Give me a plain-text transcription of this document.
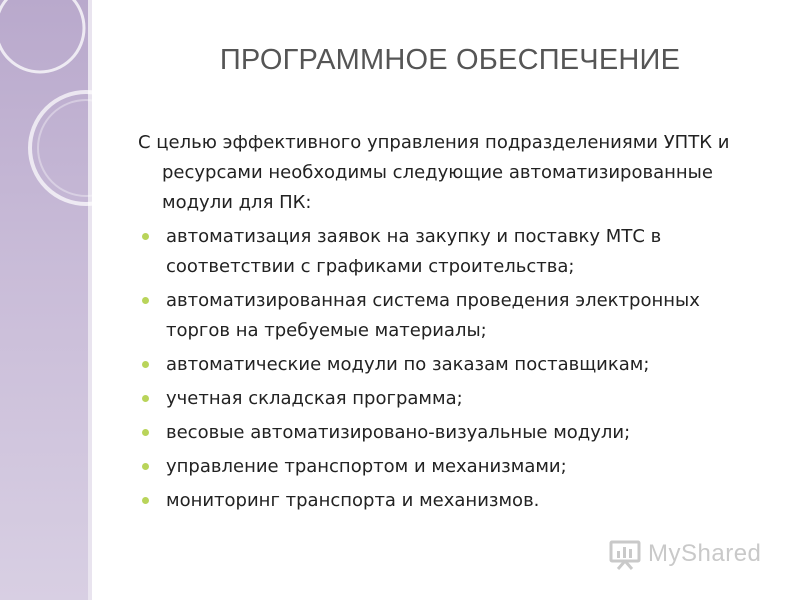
ПРОГРАММНОЕ ОБЕСПЕЧЕНИЕ

С целью эффективного управления подразделениями УПТК и ресурсами необходимы следующие автоматизированные модули для ПК:

автоматизация заявок на закупку и поставку МТС в соответствии с графиками строительства;
автоматизированная система проведения электронных торгов на требуемые материалы;
автоматические модули по заказам поставщикам;
учетная складская программа;
весовые автоматизировано-визуальные модули;
управление транспортом и механизмами;
мониторинг транспорта и механизмов.
MyShared
